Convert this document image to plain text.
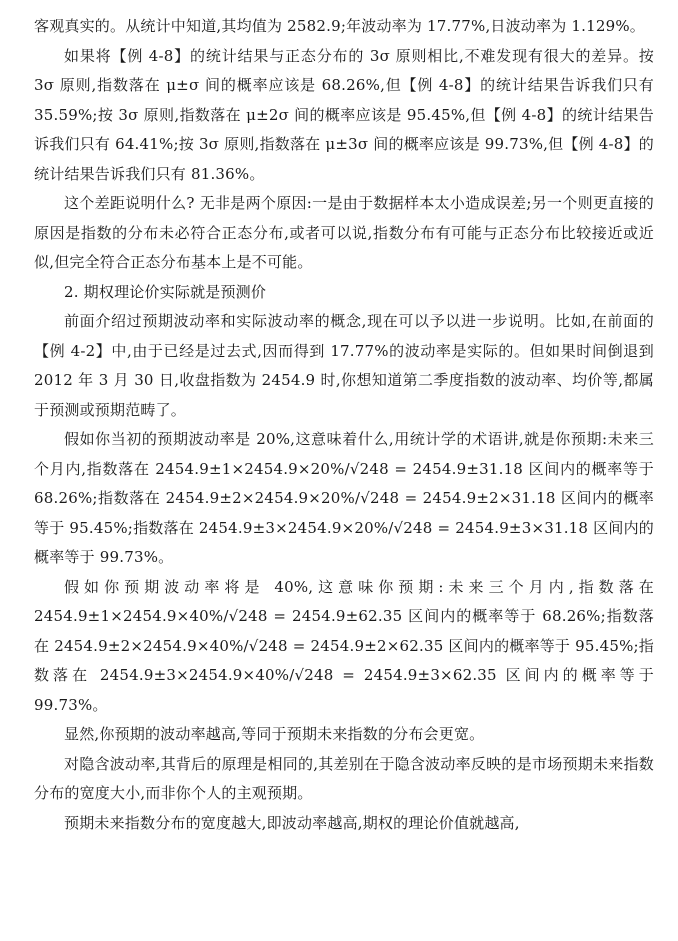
客观真实的。从统计中知道,其均值为 2582.9;年波动率为 17.77%,日波动率为 1.129%。

如果将【例 4-8】的统计结果与正态分布的 3σ 原则相比,不难发现有很大的差异。按 3σ 原则,指数落在 μ±σ 间的概率应该是 68.26%,但【例 4-8】的统计结果告诉我们只有 35.59%;按 3σ 原则,指数落在 μ±2σ 间的概率应该是 95.45%,但【例 4-8】的统计结果告诉我们只有 64.41%;按 3σ 原则,指数落在 μ±3σ 间的概率应该是 99.73%,但【例 4-8】的统计结果告诉我们只有 81.36%。

这个差距说明什么? 无非是两个原因:一是由于数据样本太小造成误差;另一个则更直接的原因是指数的分布未必符合正态分布,或者可以说,指数分布有可能与正态分布比较接近或近似,但完全符合正态分布基本上是不可能。

2. 期权理论价实际就是预测价

前面介绍过预期波动率和实际波动率的概念,现在可以予以进一步说明。比如,在前面的【例 4-2】中,由于已经是过去式,因而得到 17.77%的波动率是实际的。但如果时间倒退到 2012 年 3 月 30 日,收盘指数为 2454.9 时,你想知道第二季度指数的波动率、均价等,都属于预测或预期范畴了。

假如你当初的预期波动率是 20%,这意味着什么,用统计学的术语讲,就是你预期:未来三个月内,指数落在 2454.9±1×2454.9×20%/√248 = 2454.9±31.18 区间内的概率等于 68.26%;指数落在 2454.9±2×2454.9×20%/√248 = 2454.9±2×31.18 区间内的概率等于 95.45%;指数落在 2454.9±3×2454.9×20%/√248 = 2454.9±3×31.18 区间内的概率等于 99.73%。

假如你预期波动率将是 40%,这意味你预期:未来三个月内,指数落在 2454.9±1×2454.9×40%/√248 = 2454.9±62.35 区间内的概率等于 68.26%;指数落在 2454.9±2×2454.9×40%/√248 = 2454.9±2×62.35 区间内的概率等于 95.45%;指数落在 2454.9±3×2454.9×40%/√248 = 2454.9±3×62.35 区间内的概率等于 99.73%。

显然,你预期的波动率越高,等同于预期未来指数的分布会更宽。

对隐含波动率,其背后的原理是相同的,其差别在于隐含波动率反映的是市场预期未来指数分布的宽度大小,而非你个人的主观预期。

预期未来指数分布的宽度越大,即波动率越高,期权的理论价值就越高,
